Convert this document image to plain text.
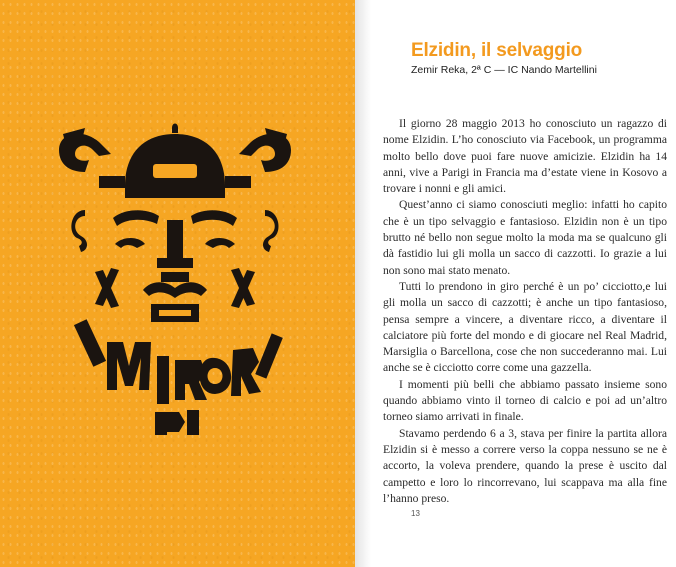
Elzidin, il selvaggio
Zemir Reka, 2ª C — IC Nando Martellini

Il giorno 28 maggio 2013 ho conosciuto un ragazzo di nome Elzidin. L’ho conosciuto via Facebook, un programma molto bello dove puoi fare nuove amicizie. Elzidin ha 14 anni, vive a Parigi in Francia ma d’estate viene in Kosovo a trovare i nonni e gli amici.

Quest’anno ci siamo conosciuti meglio: infatti ho capito che è un tipo selvaggio e fantasioso. Elzidin non è un tipo brutto né bello non segue molto la moda ma se qualcuno gli dà fastidio lui gli molla un sacco di cazzotti. Io grazie a lui non sono mai stato menato.

Tutti lo prendono in giro perché è un po’ cicciotto,e lui gli molla un sacco di cazzotti; è anche un tipo fantasioso, pensa sempre a vincere, a diventare ricco, a diventare il calciatore più forte del mondo e di giocare nel Real Madrid, Marsiglia o Barcellona, cose che non succederanno mai. Lui anche se è cicciotto corre come una gazzella.

I momenti più belli che abbiamo passato insieme sono quando abbiamo vinto il torneo di calcio e poi ad un’altro torneo siamo arrivati in finale.

Stavamo perdendo 6 a 3, stava per finire la partita allora Elzidin si è messo a correre verso la coppa nessuno se ne è accorto, la voleva prendere, quando la prese è uscito dal campetto e loro lo rincorrevano, lui scappava ma alla fine l’hanno preso.

13
